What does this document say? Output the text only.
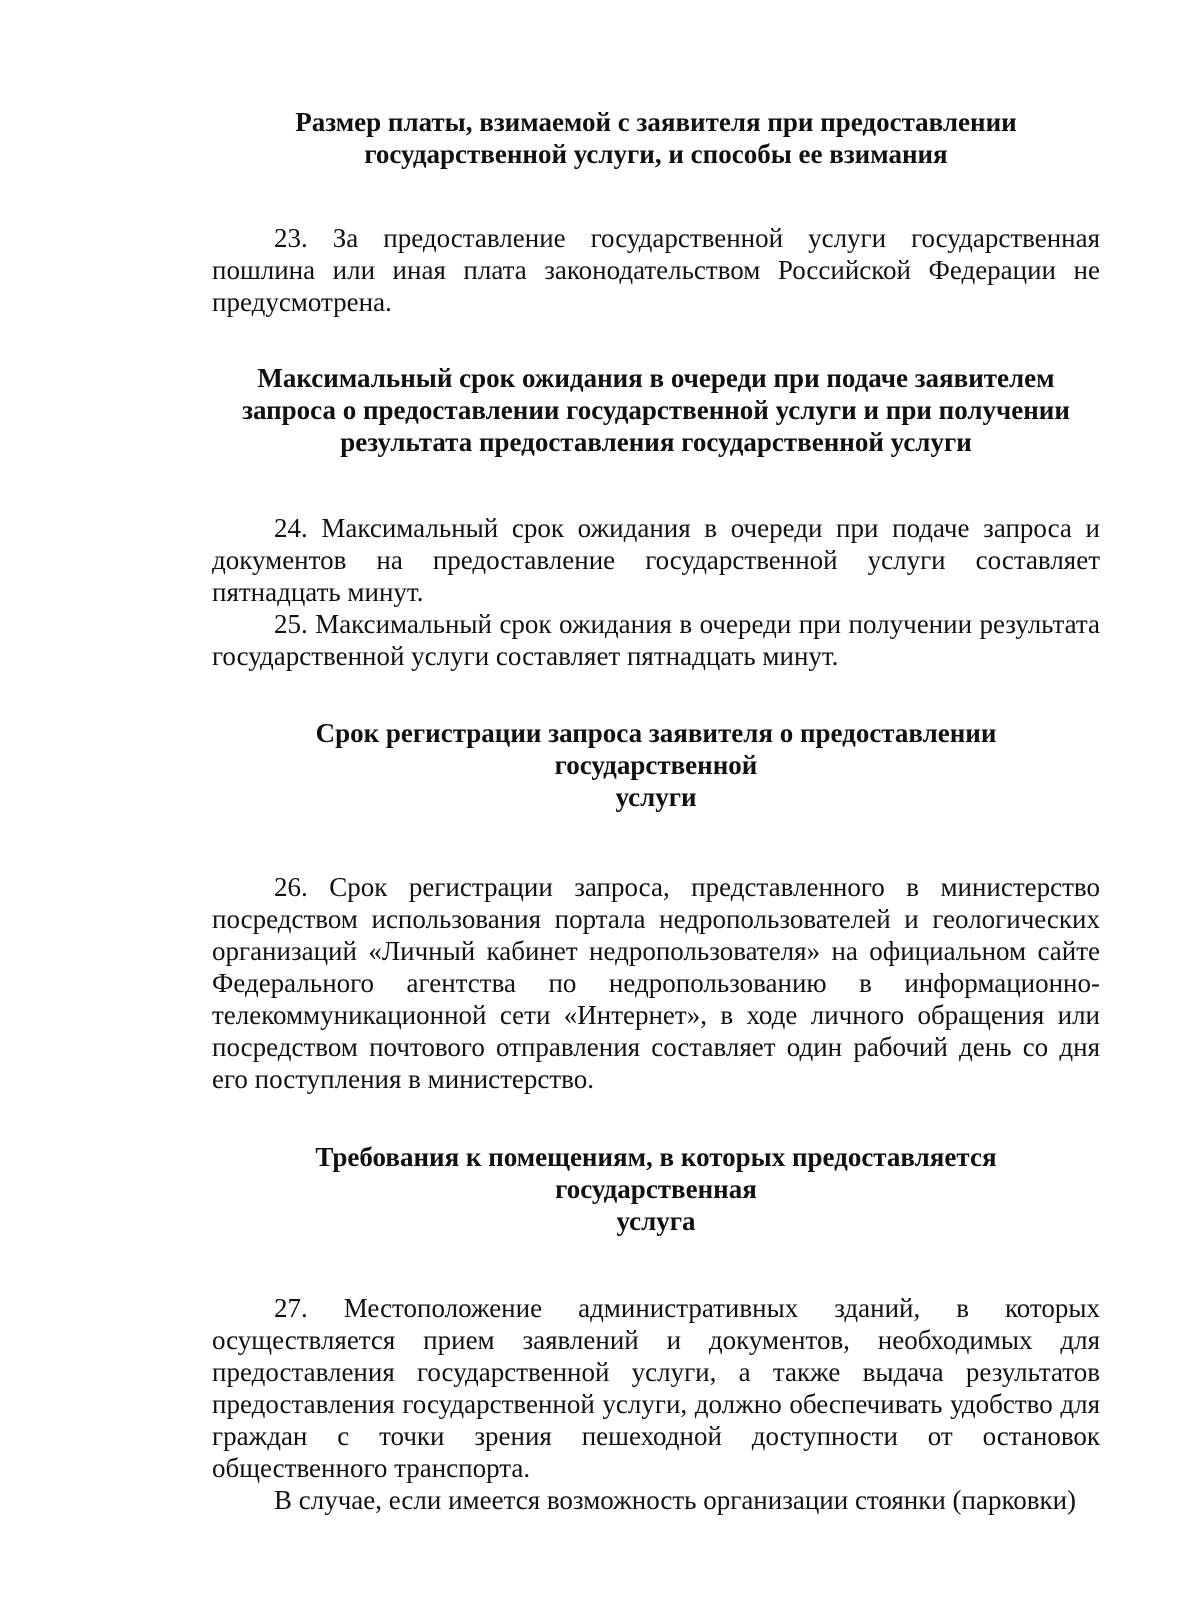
Размер платы, взимаемой с заявителя при предоставлении
государственной услуги, и способы ее взимания

23. За предоставление государственной услуги государственная пошлина или иная плата законодательством Российской Федерации не предусмотрена.

Максимальный срок ожидания в очереди при подаче заявителем
запроса о предоставлении государственной услуги и при получении
результата предоставления государственной услуги

24. Максимальный срок ожидания в очереди при подаче запроса и документов на предоставление государственной услуги составляет пятнадцать минут.

25. Максимальный срок ожидания в очереди при получении результата государственной услуги составляет пятнадцать минут.

Срок регистрации запроса заявителя о предоставлении государственной
услуги

26. Срок регистрации запроса, представленного в министерство посредством использования портала недропользователей и геологических организаций «Личный кабинет недропользователя» на официальном сайте Федерального агентства по недропользованию в информационно-телекоммуникационной сети «Интернет», в ходе личного обращения или посредством почтового отправления составляет один рабочий день со дня его поступления в министерство.

Требования к помещениям, в которых предоставляется государственная
услуга

27. Местоположение административных зданий, в которых осуществляется прием заявлений и документов, необходимых для предоставления государственной услуги, а также выдача результатов предоставления государственной услуги, должно обеспечивать удобство для граждан с точки зрения пешеходной доступности от остановок общественного транспорта.

В случае, если имеется возможность организации стоянки (парковки)
